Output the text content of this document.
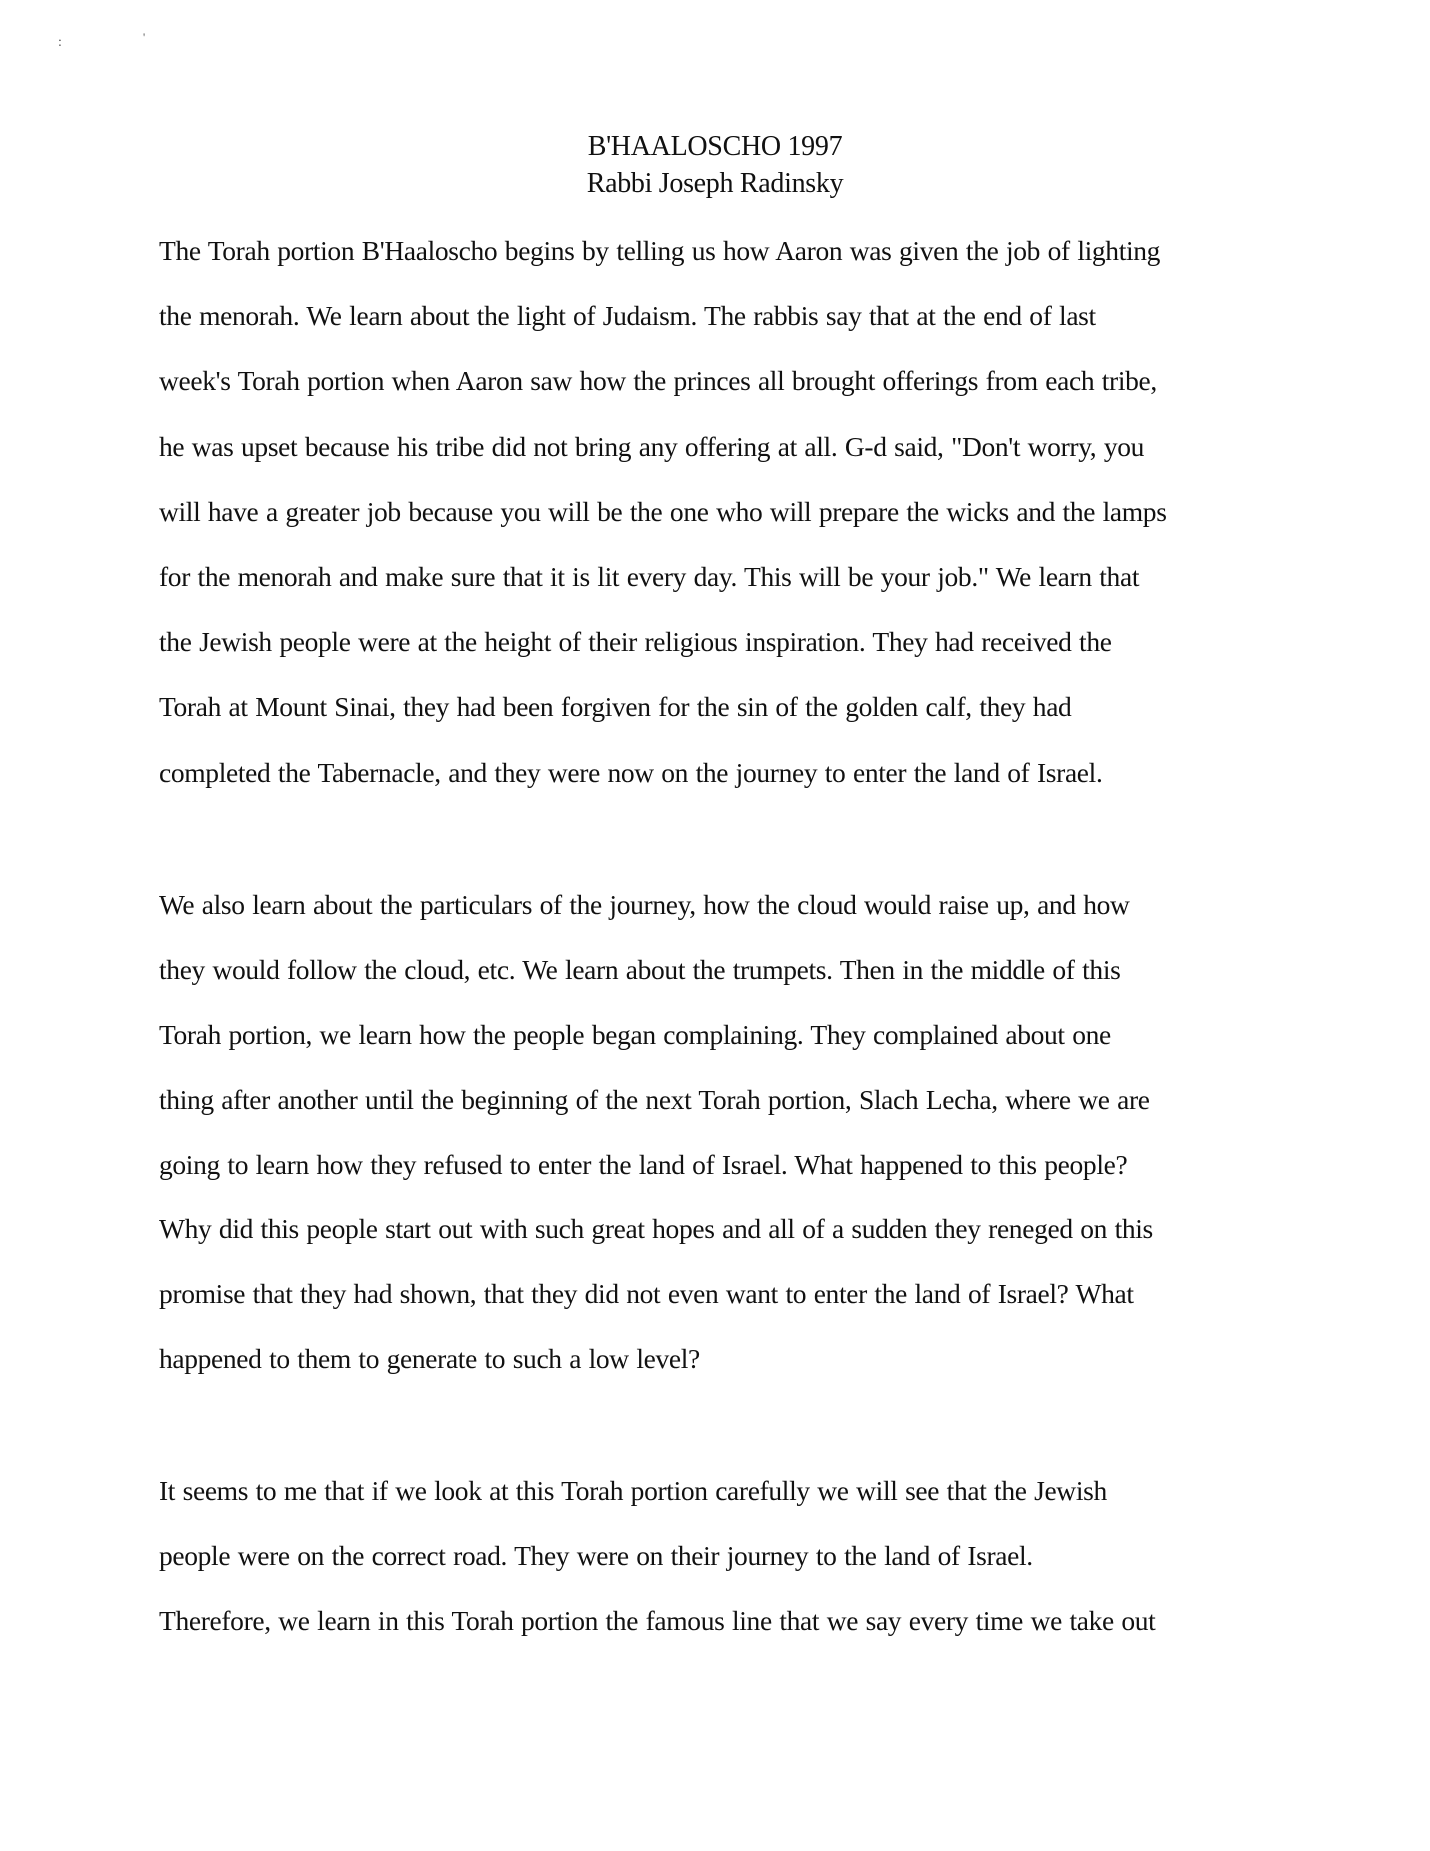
:	'
B'HAALOSCHO 1997
Rabbi Joseph Radinsky
The Torah portion B'Haaloscho begins by telling us how Aaron was given the job of lighting
the menorah. We learn about the light of Judaism. The rabbis say that at the end of last
week's Torah portion when Aaron saw how the princes all brought offerings from each tribe,
he was upset because his tribe did not bring any offering at all. G-d said, "Don't worry, you
will have a greater job because you will be the one who will prepare the wicks and the lamps
for the menorah and make sure that it is lit every day. This will be your job." We learn that
the Jewish people were at the height of their religious inspiration. They had received the
Torah at Mount Sinai, they had been forgiven for the sin of the golden calf, they had
completed the Tabernacle, and they were now on the journey to enter the land of Israel.
We also learn about the particulars of the journey, how the cloud would raise up, and how
they would follow the cloud, etc. We learn about the trumpets. Then in the middle of this
Torah portion, we learn how the people began complaining. They complained about one
thing after another until the beginning of the next Torah portion, Slach Lecha, where we are
going to learn how they refused to enter the land of Israel. What happened to this people?
Why did this people start out with such great hopes and all of a sudden they reneged on this
promise that they had shown, that they did not even want to enter the land of Israel? What
happened to them to generate to such a low level?
It seems to me that if we look at this Torah portion carefully we will see that the Jewish
people were on the correct road. They were on their journey to the land of Israel.
Therefore, we learn in this Torah portion the famous line that we say every time we take out
